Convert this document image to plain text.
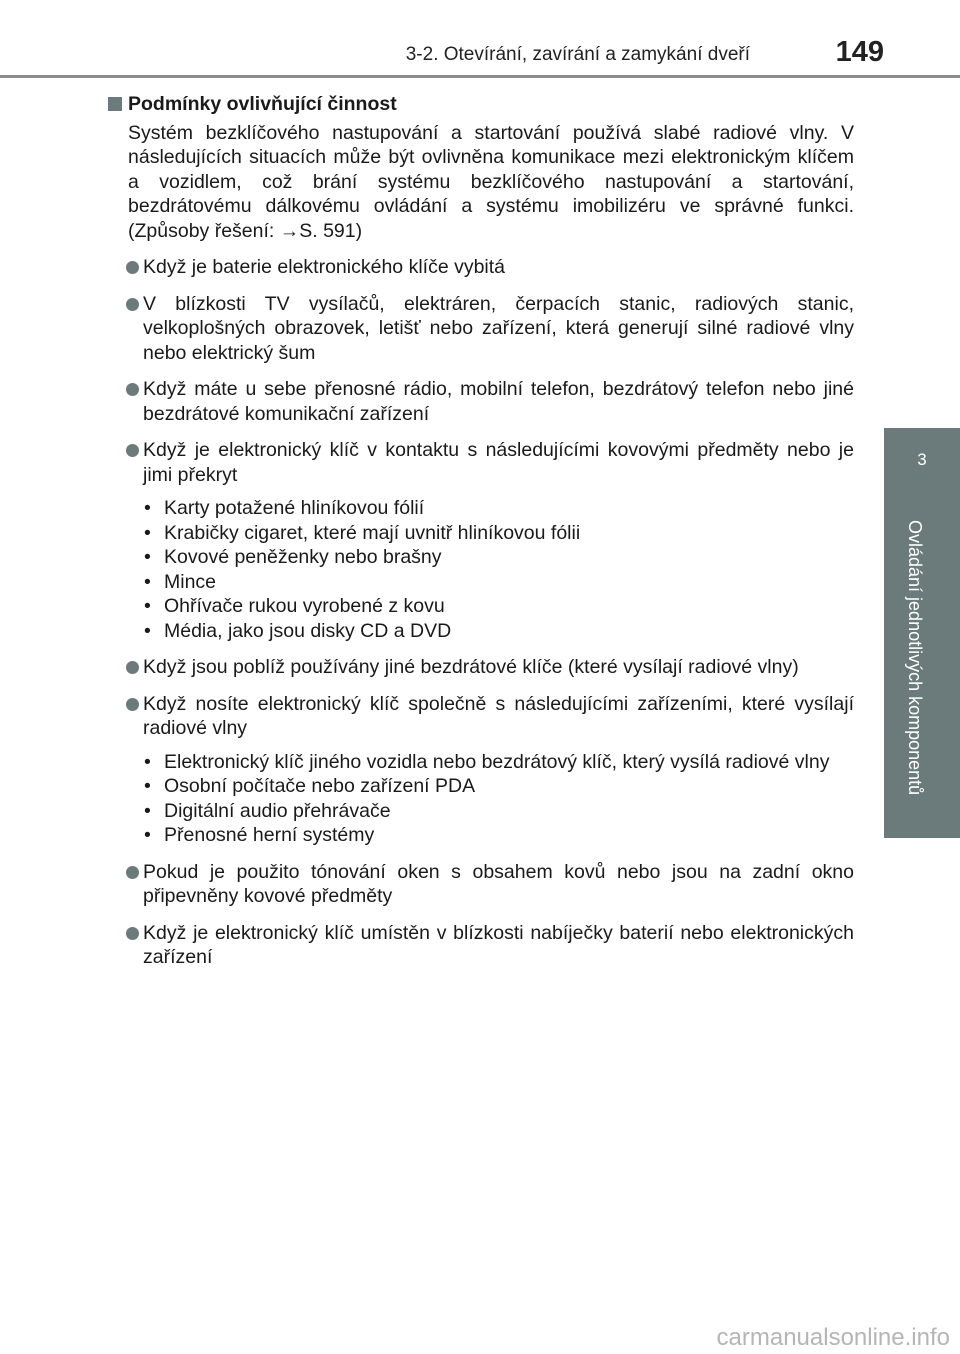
3-2. Otevírání, zavírání a zamykání dveří	149
3
Ovládání jednotlivých komponentů
Podmínky ovlivňující činnost
Systém bezklíčového nastupování a startování používá slabé radiové vlny. V následujících situacích může být ovlivněna komunikace mezi elektronickým klíčem a vozidlem, což brání systému bezklíčového nastupování a startování, bezdrátovému dálkovému ovládání a systému imobilizéru ve správné funkci. (Způsoby řešení: →S. 591)
Když je baterie elektronického klíče vybitá
V blízkosti TV vysílačů, elektráren, čerpacích stanic, radiových stanic, velkoplošných obrazovek, letišť nebo zařízení, která generují silné radiové vlny nebo elektrický šum
Když máte u sebe přenosné rádio, mobilní telefon, bezdrátový telefon nebo jiné bezdrátové komunikační zařízení
Když je elektronický klíč v kontaktu s následujícími kovovými předměty nebo je jimi překryt
• Karty potažené hliníkovou fólií
• Krabičky cigaret, které mají uvnitř hliníkovou fólii
• Kovové peněženky nebo brašny
• Mince
• Ohřívače rukou vyrobené z kovu
• Média, jako jsou disky CD a DVD
Když jsou poblíž používány jiné bezdrátové klíče (které vysílají radiové vlny)
Když nosíte elektronický klíč společně s následujícími zařízeními, které vysílají radiové vlny
• Elektronický klíč jiného vozidla nebo bezdrátový klíč, který vysílá radiové vlny
• Osobní počítače nebo zařízení PDA
• Digitální audio přehrávače
• Přenosné herní systémy
Pokud je použito tónování oken s obsahem kovů nebo jsou na zadní okno připevněny kovové předměty
Když je elektronický klíč umístěn v blízkosti nabíječky baterií nebo elektronických zařízení
carmanualsonline.info
